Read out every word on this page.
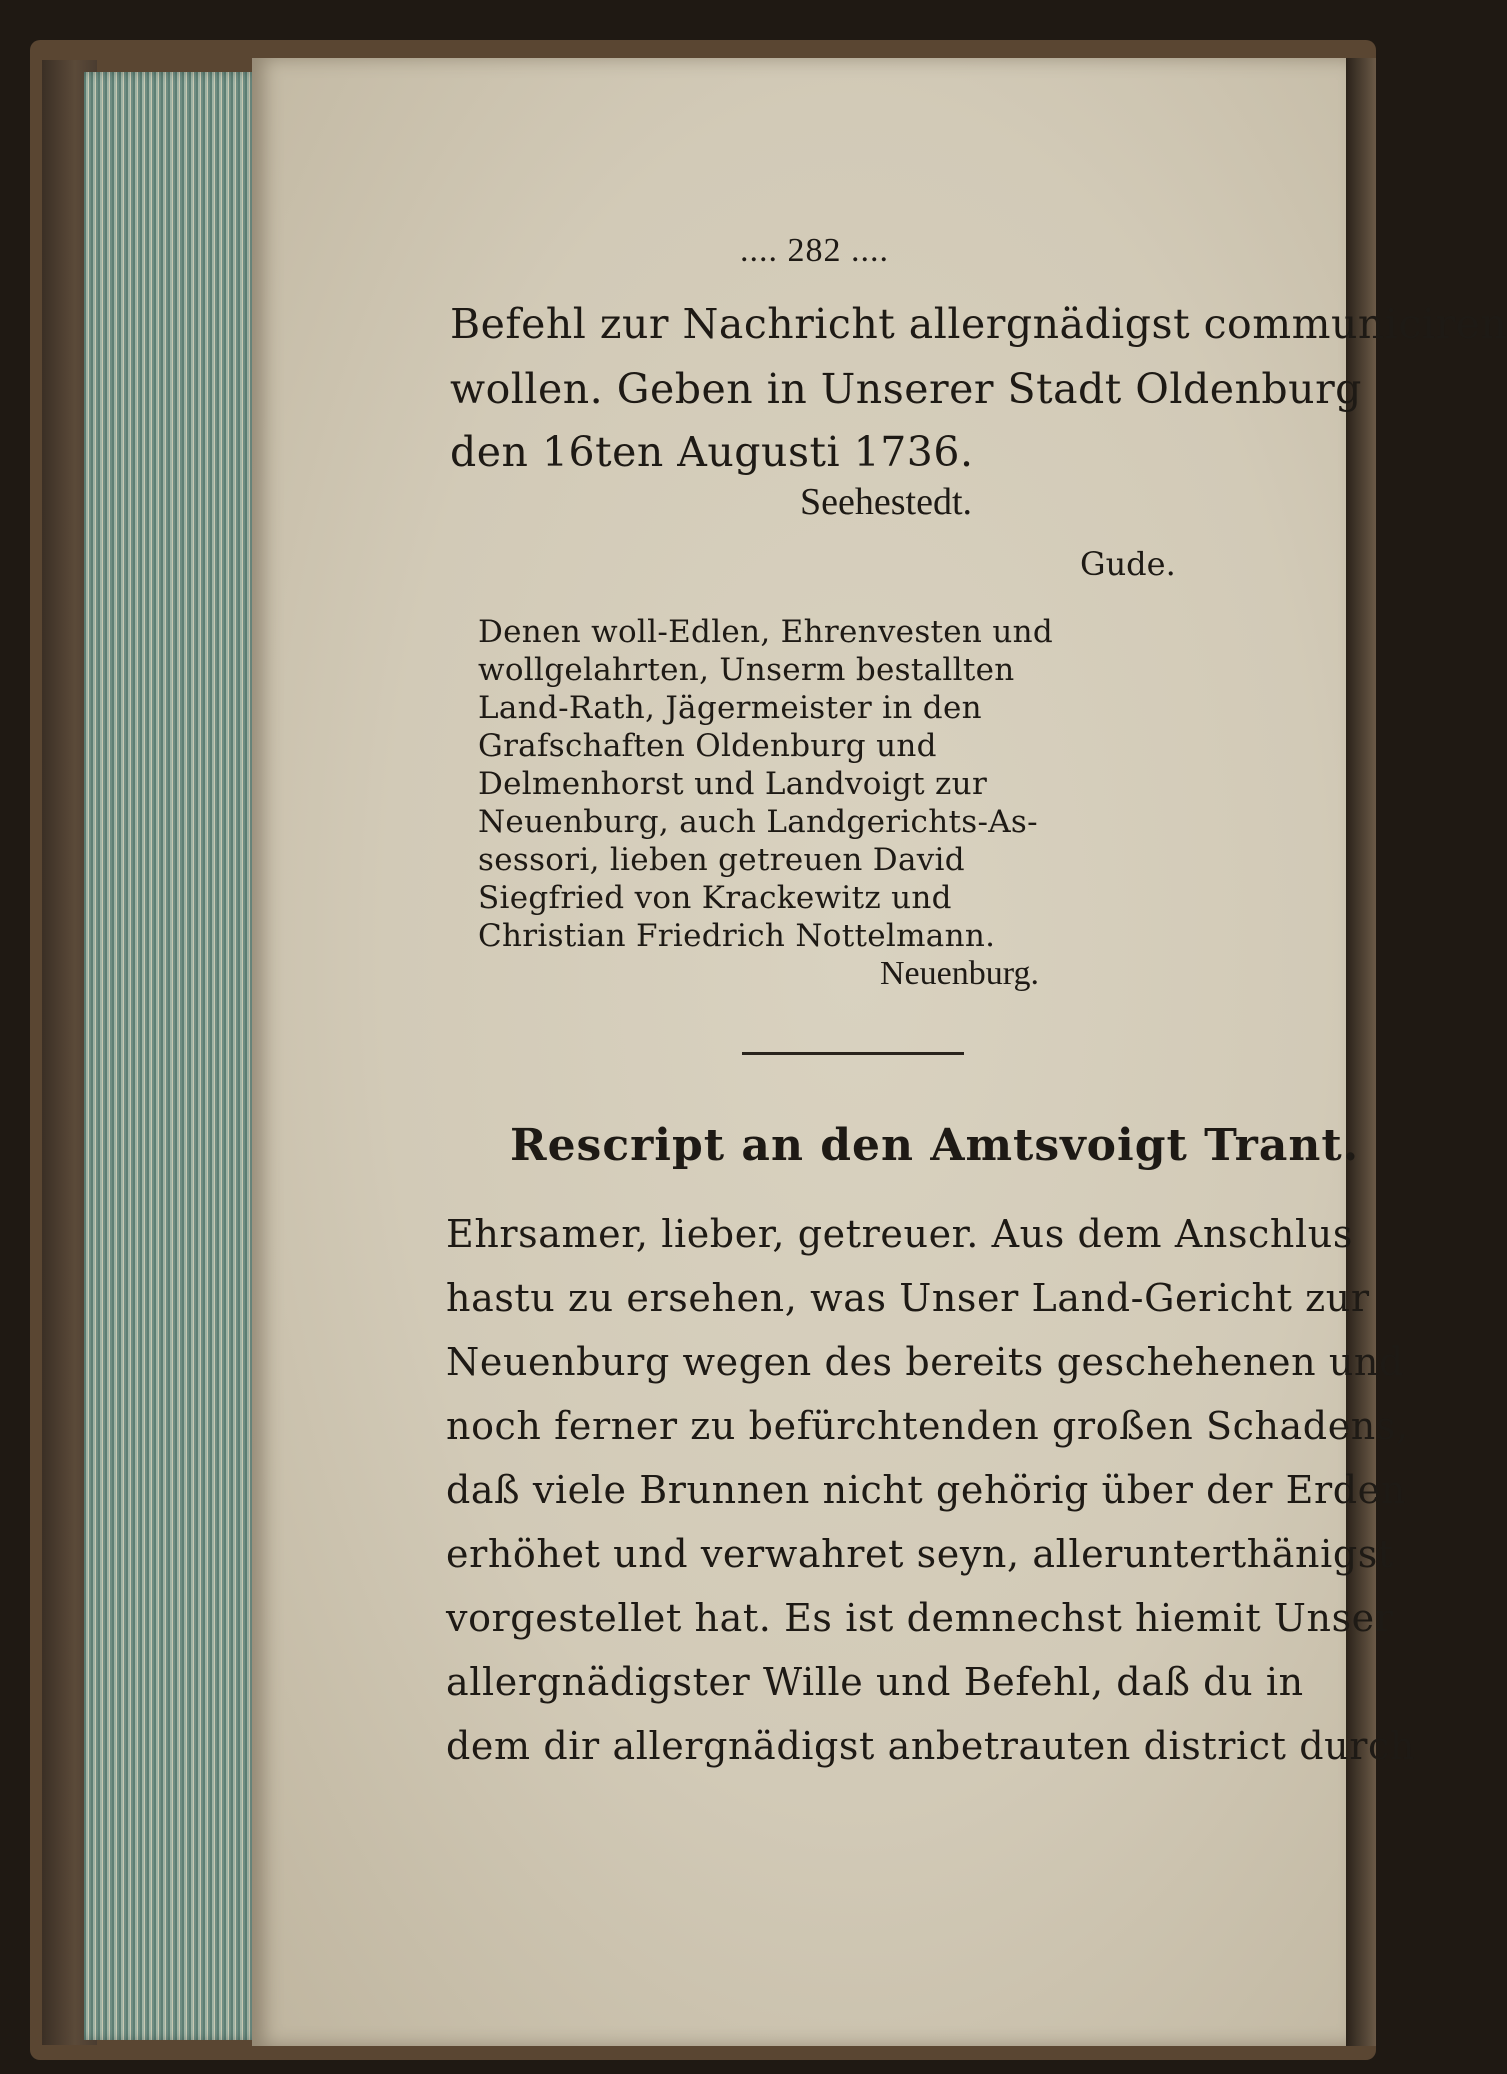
.... 282 ....
Befehl zur Nachricht allergnädigst communiciren
wollen. Geben in Unserer Stadt Oldenburg
den 16ten Augusti 1736.
Seehestedt.
Gude.
Denen woll-Edlen, Ehrenvesten und
wollgelahrten, Unserm bestallten
Land-Rath, Jägermeister in den
Grafschaften Oldenburg und
Delmenhorst und Landvoigt zur
Neuenburg, auch Landgerichts-As-
sessori, lieben getreuen David
Siegfried von Krackewitz und
Christian Friedrich Nottelmann.
Neuenburg.
Rescript an den Amtsvoigt Trant.
Ehrsamer, lieber, getreuer. Aus dem Anschlus
hastu zu ersehen, was Unser Land-Gericht zur
Neuenburg wegen des bereits geschehenen und
noch ferner zu befürchtenden großen Schadens,
daß viele Brunnen nicht gehörig über der Erden
erhöhet und verwahret seyn, allerunterthänigst
vorgestellet hat. Es ist demnechst hiemit Unser
allergnädigster Wille und Befehl, daß du in
dem dir allergnädigst anbetrauten district durch
